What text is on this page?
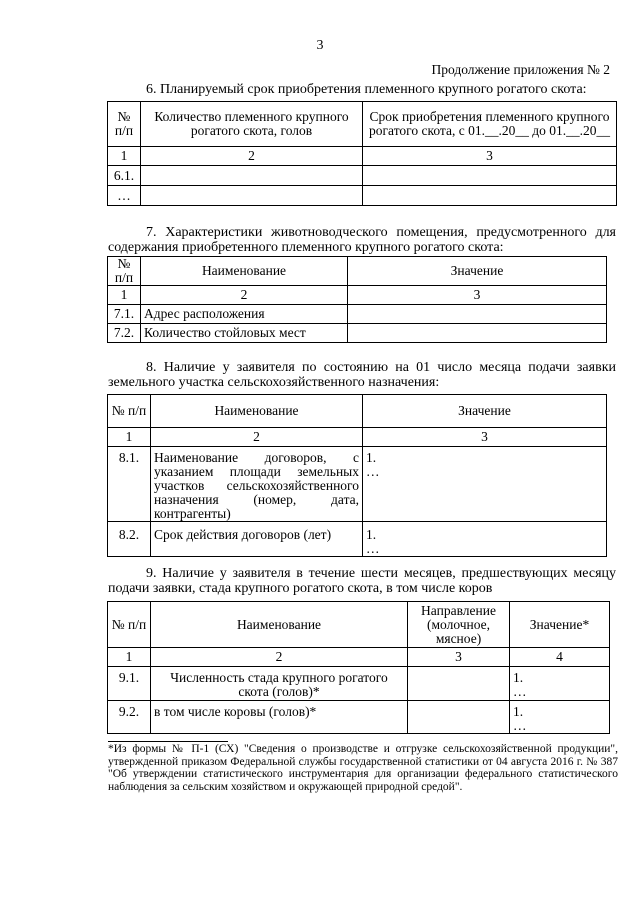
3
Продолжение приложения № 2
6. Планируемый срок приобретения племенного крупного рогатого скота:
№ п/п	Количество племенного крупного рогатого скота, голов	Срок приобретения племенного крупного рогатого скота, с 01.__.20__ до 01.__.20__
1	2	3
6.1.		
…		
7. Характеристики животноводческого помещения, предусмотренного для содержания приобретенного племенного крупного рогатого скота:
№ п/п	Наименование	Значение
1	2	3
7.1.	Адрес расположения	
7.2.	Количество стойловых мест	
8. Наличие у заявителя по состоянию на 01 число месяца подачи заявки земельного участка сельскохозяйственного назначения:
№ п/п	Наименование	Значение
1	2	3
8.1.	Наименование договоров, с указанием площади земельных участков сельскохозяйственного назначения (номер, дата, контрагенты)	1.
…

8.2.	Срок действия договоров (лет)	1.
…
9. Наличие у заявителя в течение шести месяцев, предшествующих месяцу подачи заявки, стада крупного рогатого скота, в том числе коров
№ п/п	Наименование	Направление (молочное, мясное)	Значение*
1	2	3	4
9.1.	Численность стада крупного рогатого скота (голов)*		1.
…

9.2.	в том числе коровы (голов)*		1.
…
*Из формы № П-1 (СХ) "Сведения о производстве и отгрузке сельскохозяйственной продукции", утвержденной приказом Федеральной службы государственной статистики от 04 августа 2016 г. № 387 "Об утверждении статистического инструментария для организации федерального статистического наблюдения за сельским хозяйством и окружающей природной средой".
